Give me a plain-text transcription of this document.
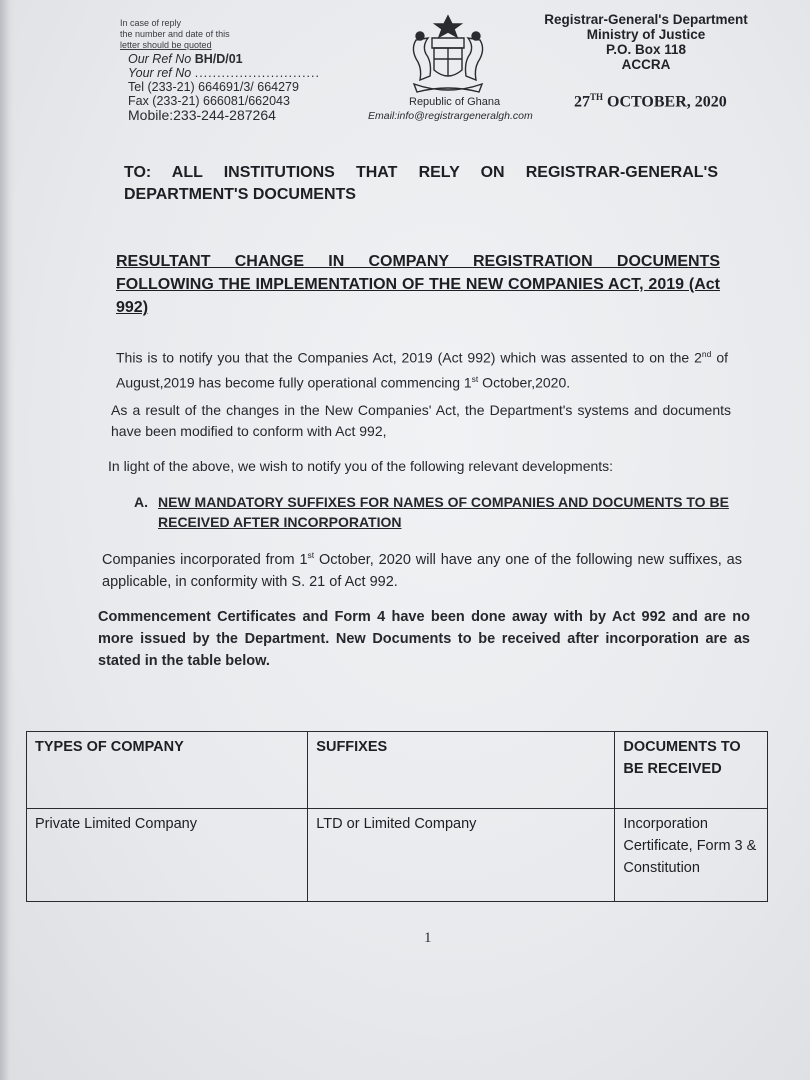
In case of reply
the number and date of this
letter should be quoted
Our Ref No BH/D/01
Your ref No ............................
Tel (233-21) 664691/3/ 664279
Fax (233-21) 666081/662043
Mobile:233-244-287264
Republic of Ghana
Email:info@registrargeneralgh.com
Registrar-General's Department
Ministry of Justice
P.O. Box 118
ACCRA
27TH OCTOBER, 2020
TO: ALL INSTITUTIONS THAT RELY ON REGISTRAR-GENERAL'S DEPARTMENT'S DOCUMENTS
RESULTANT CHANGE IN COMPANY REGISTRATION DOCUMENTS FOLLOWING THE IMPLEMENTATION OF THE NEW COMPANIES ACT, 2019 (Act 992)
This is to notify you that the Companies Act, 2019 (Act 992) which was assented to on the 2nd of August,2019 has become fully operational commencing 1st October,2020.
As a result of the changes in the New Companies' Act, the Department's systems and documents have been modified to conform with Act 992,
In light of the above, we wish to notify you of the following relevant developments:
A. NEW MANDATORY SUFFIXES FOR NAMES OF COMPANIES AND DOCUMENTS TO BE
RECEIVED AFTER INCORPORATION
Companies incorporated from 1st October, 2020 will have any one of the following new suffixes, as applicable, in conformity with S. 21 of Act 992.
Commencement Certificates and Form 4 have been done away with by Act 992 and are no more issued by the Department. New Documents to be received after incorporation are as stated in the table below.
TYPES OF COMPANY	SUFFIXES	DOCUMENTS TO BE RECEIVED
Private Limited Company	LTD or Limited Company	Incorporation Certificate, Form 3 & Constitution
1
